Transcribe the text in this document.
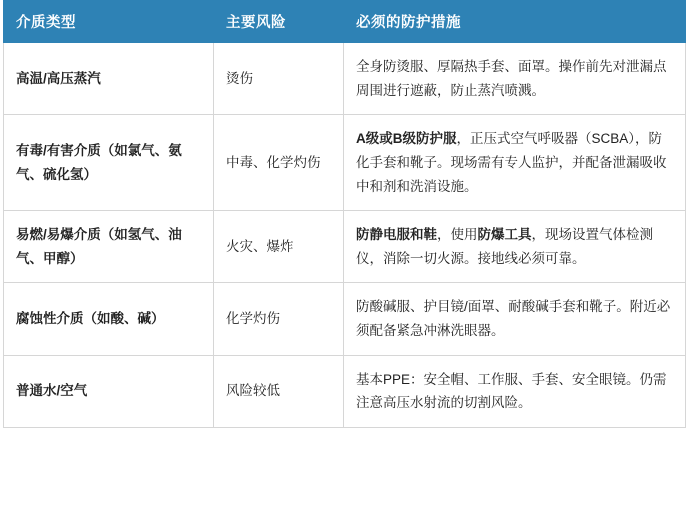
介质类型	主要风险	必须的防护措施
高温/高压蒸汽	烫伤	全身防烫服、厚隔热手套、面罩。操作前先对泄漏点周围进行遮蔽，防止蒸汽喷溅。
有毒/有害介质（如氯气、氨气、硫化氢）	中毒、化学灼伤	A级或B级防护服，正压式空气呼吸器（SCBA），防化手套和靴子。现场需有专人监护，并配备泄漏吸收中和剂和洗消设施。
易燃/易爆介质（如氢气、油气、甲醇）	火灾、爆炸	防静电服和鞋，使用防爆工具，现场设置气体检测仪，消除一切火源。接地线必须可靠。
腐蚀性介质（如酸、碱）	化学灼伤	防酸碱服、护目镜/面罩、耐酸碱手套和靴子。附近必须配备紧急冲淋洗眼器。
普通水/空气	风险较低	基本PPE：安全帽、工作服、手套、安全眼镜。仍需注意高压水射流的切割风险。
